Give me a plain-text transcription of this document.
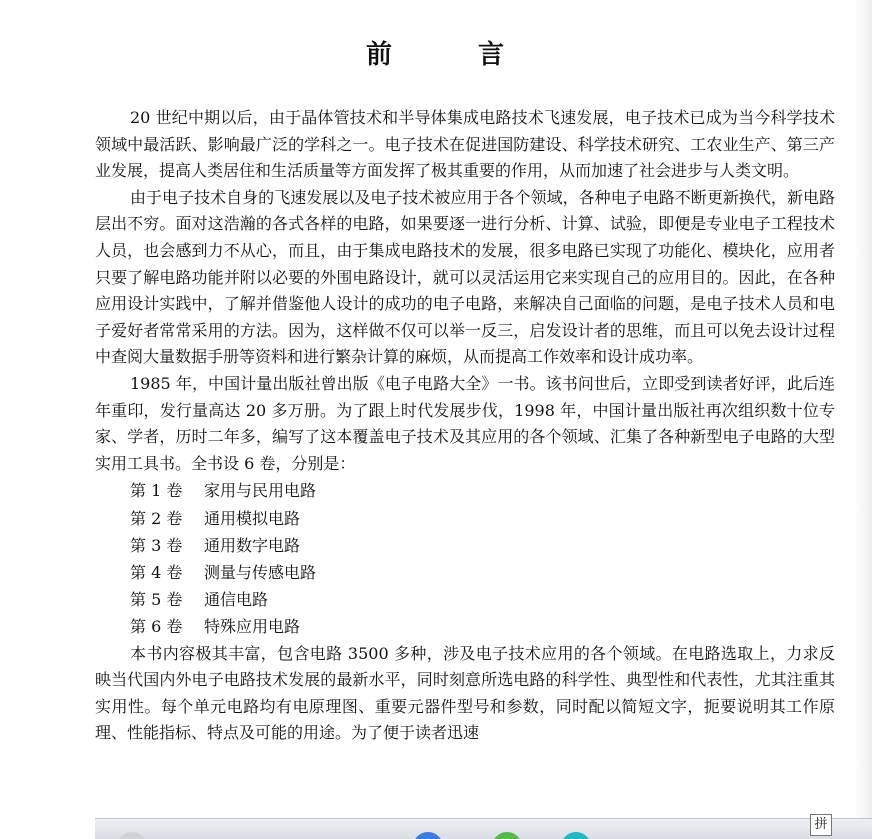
前	言

20 世纪中期以后，由于晶体管技术和半导体集成电路技术飞速发展，电子技术已成为当今科学技术领域中最活跃、影响最广泛的学科之一。电子技术在促进国防建设、科学技术研究、工农业生产、第三产业发展，提高人类居住和生活质量等方面发挥了极其重要的作用，从而加速了社会进步与人类文明。

由于电子技术自身的飞速发展以及电子技术被应用于各个领域，各种电子电路不断更新换代，新电路层出不穷。面对这浩瀚的各式各样的电路，如果要逐一进行分析、计算、试验，即便是专业电子工程技术人员，也会感到力不从心，而且，由于集成电路技术的发展，很多电路已实现了功能化、模块化，应用者只要了解电路功能并附以必要的外围电路设计，就可以灵活运用它来实现自己的应用目的。因此，在各种应用设计实践中，了解并借鉴他人设计的成功的电子电路，来解决自己面临的问题，是电子技术人员和电子爱好者常常采用的方法。因为，这样做不仅可以举一反三，启发设计者的思维，而且可以免去设计过程中查阅大量数据手册等资料和进行繁杂计算的麻烦，从而提高工作效率和设计成功率。

1985 年，中国计量出版社曾出版《电子电路大全》一书。该书问世后，立即受到读者好评，此后连年重印，发行量高达 20 多万册。为了跟上时代发展步伐，1998 年，中国计量出版社再次组织数十位专家、学者，历时二年多，编写了这本覆盖电子技术及其应用的各个领域、汇集了各种新型电子电路的大型实用工具书。全书设 6 卷，分别是：

第 1 卷 家用与民用电路
第 2 卷 通用模拟电路
第 3 卷 通用数字电路
第 4 卷 测量与传感电路
第 5 卷 通信电路
第 6 卷 特殊应用电路

本书内容极其丰富，包含电路 3500 多种，涉及电子技术应用的各个领域。在电路选取上，力求反映当代国内外电子电路技术发展的最新水平，同时刻意所选电路的科学性、典型性和代表性，尤其注重其实用性。每个单元电路均有电原理图、重要元器件型号和参数，同时配以简短文字，扼要说明其工作原理、性能指标、特点及可能的用途。为了便于读者迅速

拼
